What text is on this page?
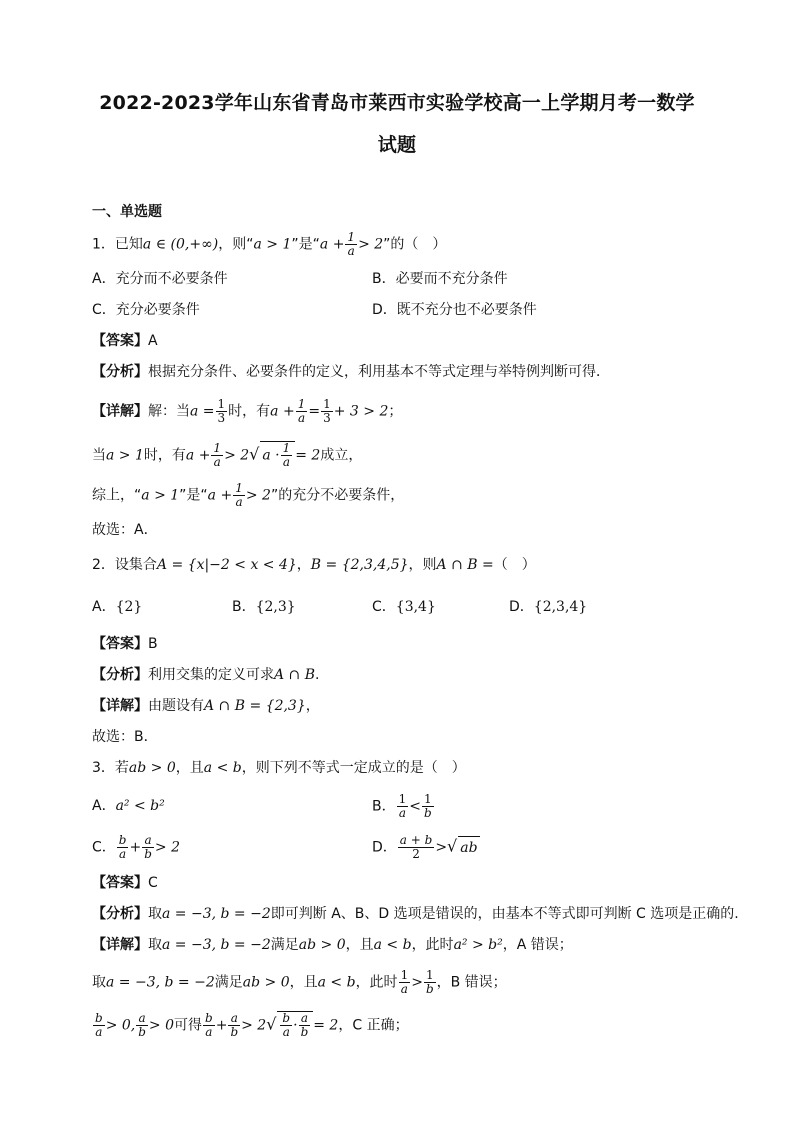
2022-2023学年山东省青岛市莱西市实验学校高一上学期月考一数学
试题
一、单选题
1．已知a ∈ (0,+∞)，则“a > 1”是“$a + \frac{1}{a} > 2$”的（　）
A．充分而不必要条件	B．必要而不充分条件
C．充分必要条件	D．既不充分也不必要条件
【答案】A
【分析】根据充分条件、必要条件的定义，利用基本不等式定理与举特例判断可得．
【详解】解：当$a = \frac{1}{3}$ 时，有$a + \frac{1}{a} = \frac{1}{3} + 3 > 2$；
当a > 1时，有$a + \frac{1}{a} > 2√$ $a \cdot \frac{1}{a} = 2$成立，
综上，“a > 1”是“$a + \frac{1}{a} > 2$”的充分不必要条件，
故选：A．
2．设集合A = {x|−2 < x < 4}，B = {2,3,4,5}，则A ∩ B =（　）
A．{2}	B．{2,3}	C．{3,4}	D．{2,3,4}
【答案】B
【分析】利用交集的定义可求A ∩ B.
【详解】由题设有A ∩ B = {2,3}，
故选：B．
3．若ab > 0，且a < b，则下列不等式一定成立的是（　）
A．a² < b²	B． $\frac{1}{a} < \frac{1}{b}$
C． $\frac{b}{a} + \frac{a}{b} > 2$	D． $\frac{a + b}{2}$ >√ ab
【答案】C
【分析】取a = −3, b = −2即可判断 A、B、D 选项是错误的，由基本不等式即可判断 C 选项是正确的.
【详解】取a = −3, b = −2满足ab > 0，且a < b，此时a² > b²，A 错误；
取a = −3, b = −2满足ab > 0，且a < b，此时 $\frac{1}{a} > \frac{1}{b}$ ，B 错误；
$\frac{b}{a} > 0$, $\frac{a}{b} > 0$可得 $\frac{b}{a} + \frac{a}{b} > 2√ \frac{b}{a} \cdot \frac{a}{b} = 2$，C 正确；
